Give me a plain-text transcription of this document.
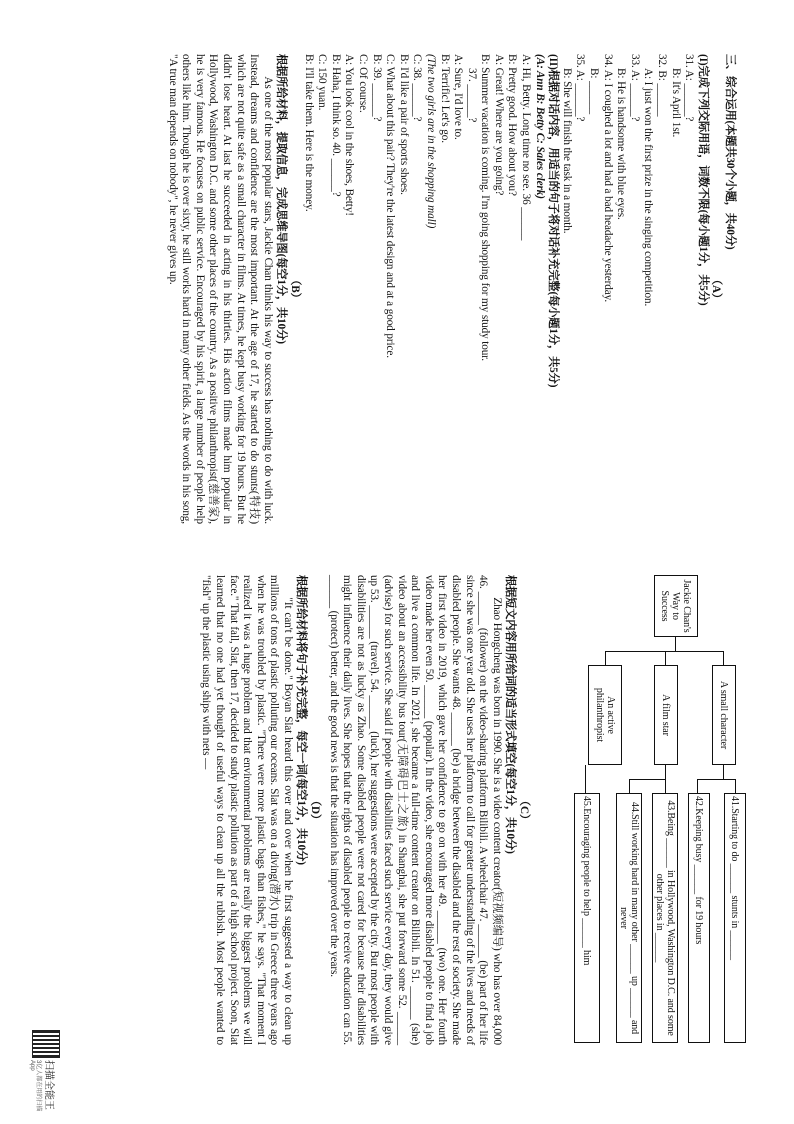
三、综合运用(本题共30个小题，共40分)
（A）
(I)完成下列交际用语，词数不限(每小题1分，共5分)
31. A: ______?
B: It's April 1st.
32. B: ______
A: I just won the first prize in the singing competition.
33. A: ______?
B: He is handsome with blue eyes.
34. A: I coughed a lot and had a bad headache yesterday.
B: ______
35. A: ______?
B: She will finish the task in a month.
(II)根据对话内容，用适当的句子将对话补充完整(每小题1分，共5分)
(A: Ann B: Betty C: Sales clerk)
A: Hi, Betty. Long time no see. 36 ______
B: Pretty good. How about you?
A: Great! Where are you going?
B: Summer vacation is coming. I'm going shopping for my study tour.
37. ______?
A: Sure, I'd love to.
B: Terrific! Let's go.
(The two girls are in the shopping mall)
C: 38. ______?
B: I'd like a pair of sports shoes.
C: What about this pair? They're the latest design and at a good price.
B: 39. ______?
C: Of course.
A: You look cool in the shoes, Betty!
B: Haha, I think so. 40. ______?
C: 150 yuan.
B: I'll take them. Here is the money.
（B）
根据所给材料，提取信息，完成思维导图(每空1分，共10分)
As one of the most popular stars, Jackie Chan thinks his way to success has nothing to do with luck. Instead, dreams and confidence are the most important. At the age of 17, he started to do stunts(特技) which are not quite safe as a small character in films. At times, he kept busy working for 19 hours. But he didn't lose heart. At last he succeeded in acting in his thirties. His action films made him popular in Hollywood, Washington D.C. and some other places of the country. As a positive philanthropist(慈善家), he is very famous. He focuses on public service. Encouraged by his spirit, a large number of people help others like him. Though he is over sixty, he still works hard in many other fields. As the words in his song, "A true man depends on nobody", he never gives up.
Jackie Chan's Way to Success
A small character
A film star
An active philanthropist
41.Starting to do ______ stunts in ______
42.Keeping busy ______ for 19 hours
43.Being ______ in Hollywood, Washington D.C. and some other places in ______
44.Still working hard in many other ______ up ______ and never
45.Encouraging people to help ______ him
（C）
根据短文内容用所给词的适当形式填空(每空1分，共10分)
Zhao Hongcheng was born in 1990. She is a video content creator(短视频编导) who has over 84,000 46. ______ (follower) on the video-sharing platform Bilibili. A wheelchair 47. ______ (be) part of her life since she was one year old. She uses her platform to call for greater understanding of the lives and needs of disabled people. She wants 48. ______ (be) a bridge between the disabled and the rest of society. She made her first video in 2019, which gave her confidence to go on with her 49. ______ (two) one. Her fourth video made her even 50. ______ (popular). In the video, she encouraged more disabled people to find a job and live a common life. In 2021, she became a full-time content creator on Bilibili. In 51. ______ (she) video about an accessibility bus tour(无障碍巴士之旅) in Shanghai, she put forward some 52. ______ (advise) for such service. She said if people with disabilities faced such service every day, they would give up 53. ______ (travel). 54. ______ (luck), her suggestions were accepted by the city. But most people with disabilities are not as lucky as Zhao. Some disabled people were not cared for because their disabilities might influence their daily lives. She hopes that the rights of disabled people to receive education can 55. ______ (protect) better, and the good news is that the situation has improved over the years.
（D）
根据所给材料将句子补充完整，每空一词(每空1分，共10分)
"It can't be done." Boyan Slat heard this over and over when he first suggested a way to clean up millions of tons of plastic polluting our oceans. Slat was on a diving(潜水) trip in Greece three years ago when he was troubled by plastic. "There were more plastic bags than fishes," he says. "That moment I realized it was a huge problem and that environmental problems are really the biggest problems we will face." That fall, Slat, then 17, decided to study plastic pollution as part of a high school project. Soon, Slat learned that no one had yet thought of useful ways to clean up all the rubbish. Most people wanted to "fish" up the plastic using ships with nets —
扫描全能王
3亿人都在用的扫描App
